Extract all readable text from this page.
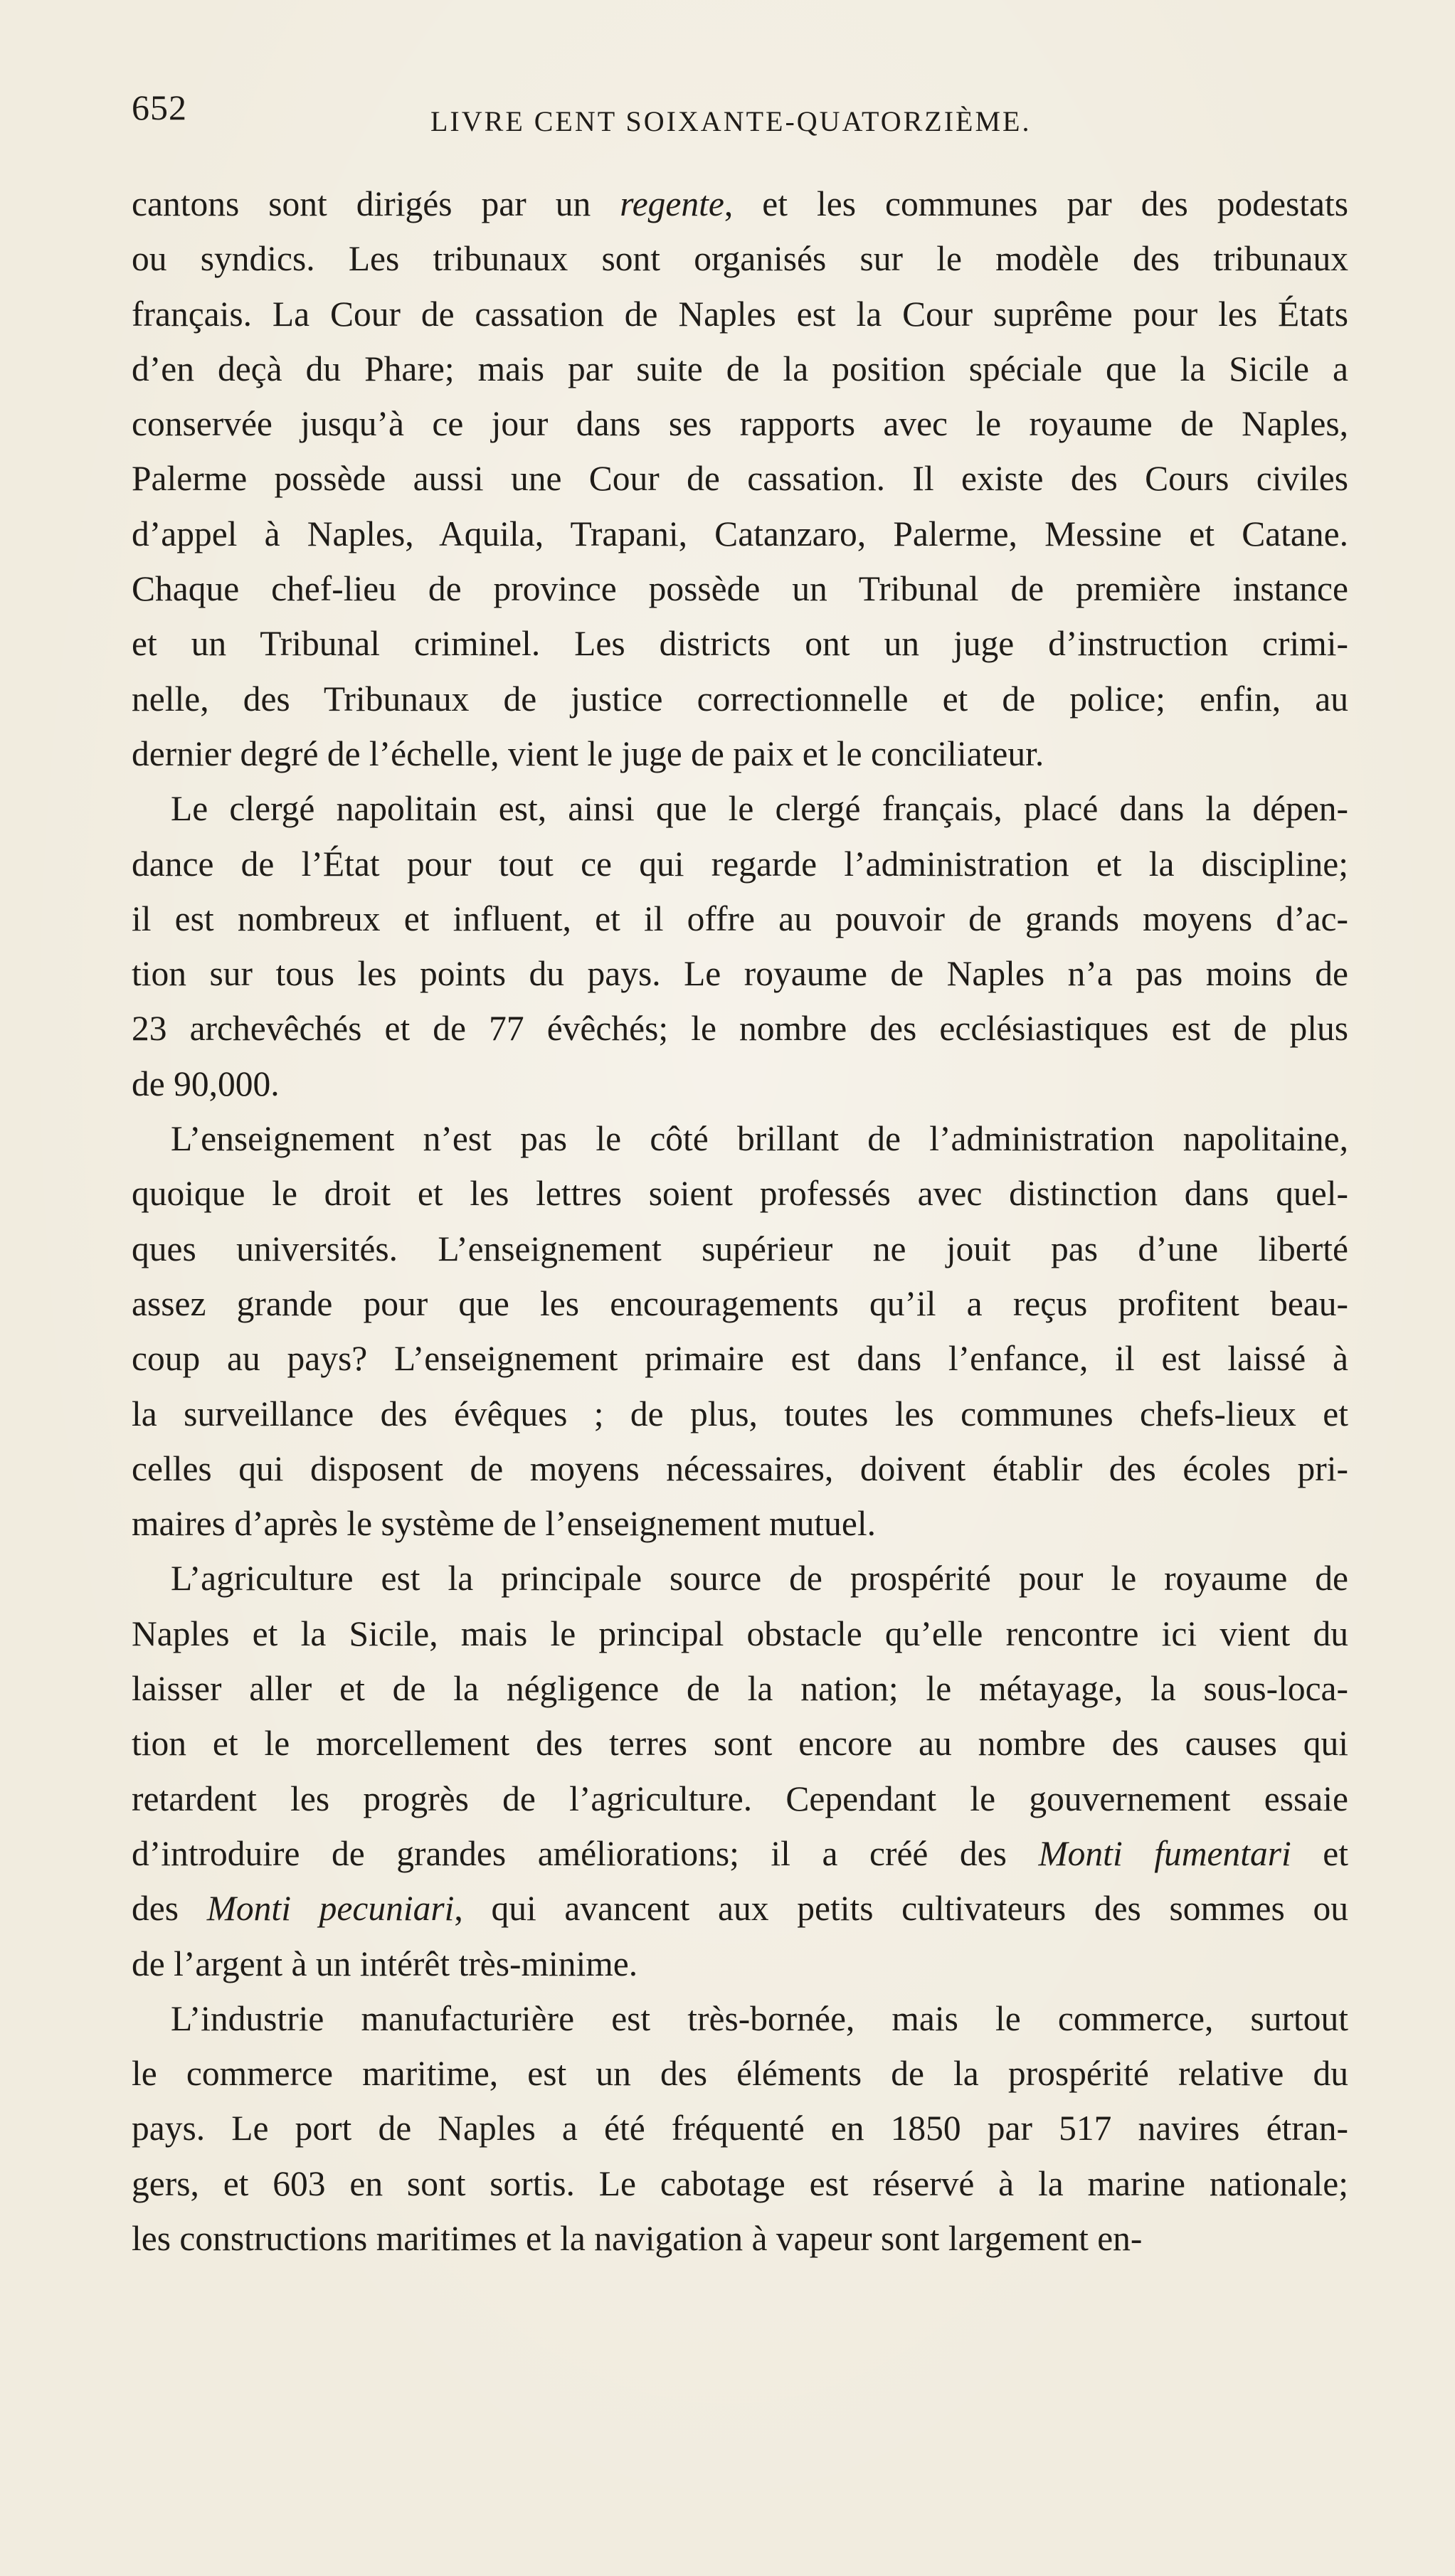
652	LIVRE CENT SOIXANTE-QUATORZIÈME.
cantons sont dirigés par un regente, et les communes par des podestats
ou syndics. Les tribunaux sont organisés sur le modèle des tribunaux
français. La Cour de cassation de Naples est la Cour suprême pour les États
d’en deçà du Phare; mais par suite de la position spéciale que la Sicile a
conservée jusqu’à ce jour dans ses rapports avec le royaume de Naples,
Palerme possède aussi une Cour de cassation. Il existe des Cours civiles
d’appel à Naples, Aquila, Trapani, Catanzaro, Palerme, Messine et Catane.
Chaque chef-lieu de province possède un Tribunal de première instance
et un Tribunal criminel. Les districts ont un juge d’instruction crimi-
nelle, des Tribunaux de justice correctionnelle et de police; enfin, au
dernier degré de l’échelle, vient le juge de paix et le conciliateur.
Le clergé napolitain est, ainsi que le clergé français, placé dans la dépen-
dance de l’État pour tout ce qui regarde l’administration et la discipline;
il est nombreux et influent, et il offre au pouvoir de grands moyens d’ac-
tion sur tous les points du pays. Le royaume de Naples n’a pas moins de
23 archevêchés et de 77 évêchés; le nombre des ecclésiastiques est de plus
de 90,000.
L’enseignement n’est pas le côté brillant de l’administration napolitaine,
quoique le droit et les lettres soient professés avec distinction dans quel-
ques universités. L’enseignement supérieur ne jouit pas d’une liberté
assez grande pour que les encouragements qu’il a reçus profitent beau-
coup au pays? L’enseignement primaire est dans l’enfance, il est laissé à
la surveillance des évêques ; de plus, toutes les communes chefs-lieux et
celles qui disposent de moyens nécessaires, doivent établir des écoles pri-
maires d’après le système de l’enseignement mutuel.
L’agriculture est la principale source de prospérité pour le royaume de
Naples et la Sicile, mais le principal obstacle qu’elle rencontre ici vient du
laisser aller et de la négligence de la nation; le métayage, la sous-loca-
tion et le morcellement des terres sont encore au nombre des causes qui
retardent les progrès de l’agriculture. Cependant le gouvernement essaie
d’introduire de grandes améliorations; il a créé des Monti fumentari et
des Monti pecuniari, qui avancent aux petits cultivateurs des sommes ou
de l’argent à un intérêt très-minime.
L’industrie manufacturière est très-bornée, mais le commerce, surtout
le commerce maritime, est un des éléments de la prospérité relative du
pays. Le port de Naples a été fréquenté en 1850 par 517 navires étran-
gers, et 603 en sont sortis. Le cabotage est réservé à la marine nationale;
les constructions maritimes et la navigation à vapeur sont largement en-
